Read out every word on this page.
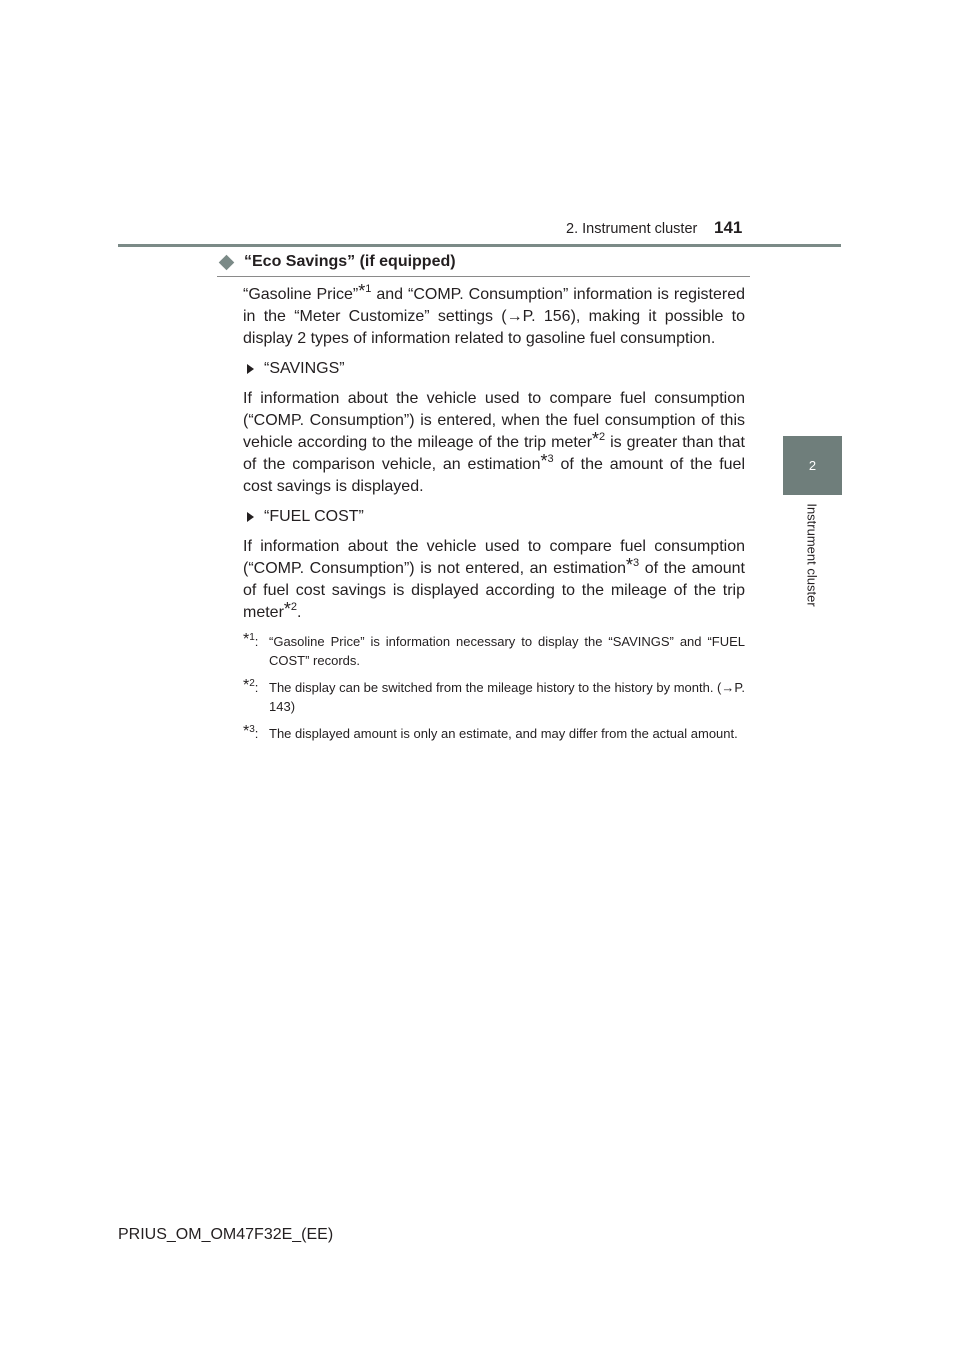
2. Instrument cluster 141
2
Instrument cluster
“Eco Savings” (if equipped)

“Gasoline Price”*$^1$ and “COMP. Consumption” information is registered in the “Meter Customize” settings (→P. 156), making it possible to display 2 types of information related to gasoline fuel consumption.

“SAVINGS”

If information about the vehicle used to compare fuel consumption (“COMP. Consumption”) is entered, when the fuel consumption of this vehicle according to the mileage of the trip meter*$^2$ is greater than that of the comparison vehicle, an estimation*$^3$ of the amount of the fuel cost savings is displayed.

“FUEL COST”

If information about the vehicle used to compare fuel consumption (“COMP. Consumption”) is not entered, an estimation*$^3$ of the amount of fuel cost savings is displayed according to the mileage of the trip meter*$^2$.

*$^1$: “Gasoline Price” is information necessary to display the “SAVINGS” and “FUEL COST” records.
*$^2$: The display can be switched from the mileage history to the history by month. (→P. 143)
*$^3$: The displayed amount is only an estimate, and may differ from the actual amount.
PRIUS_OM_OM47F32E_(EE)
